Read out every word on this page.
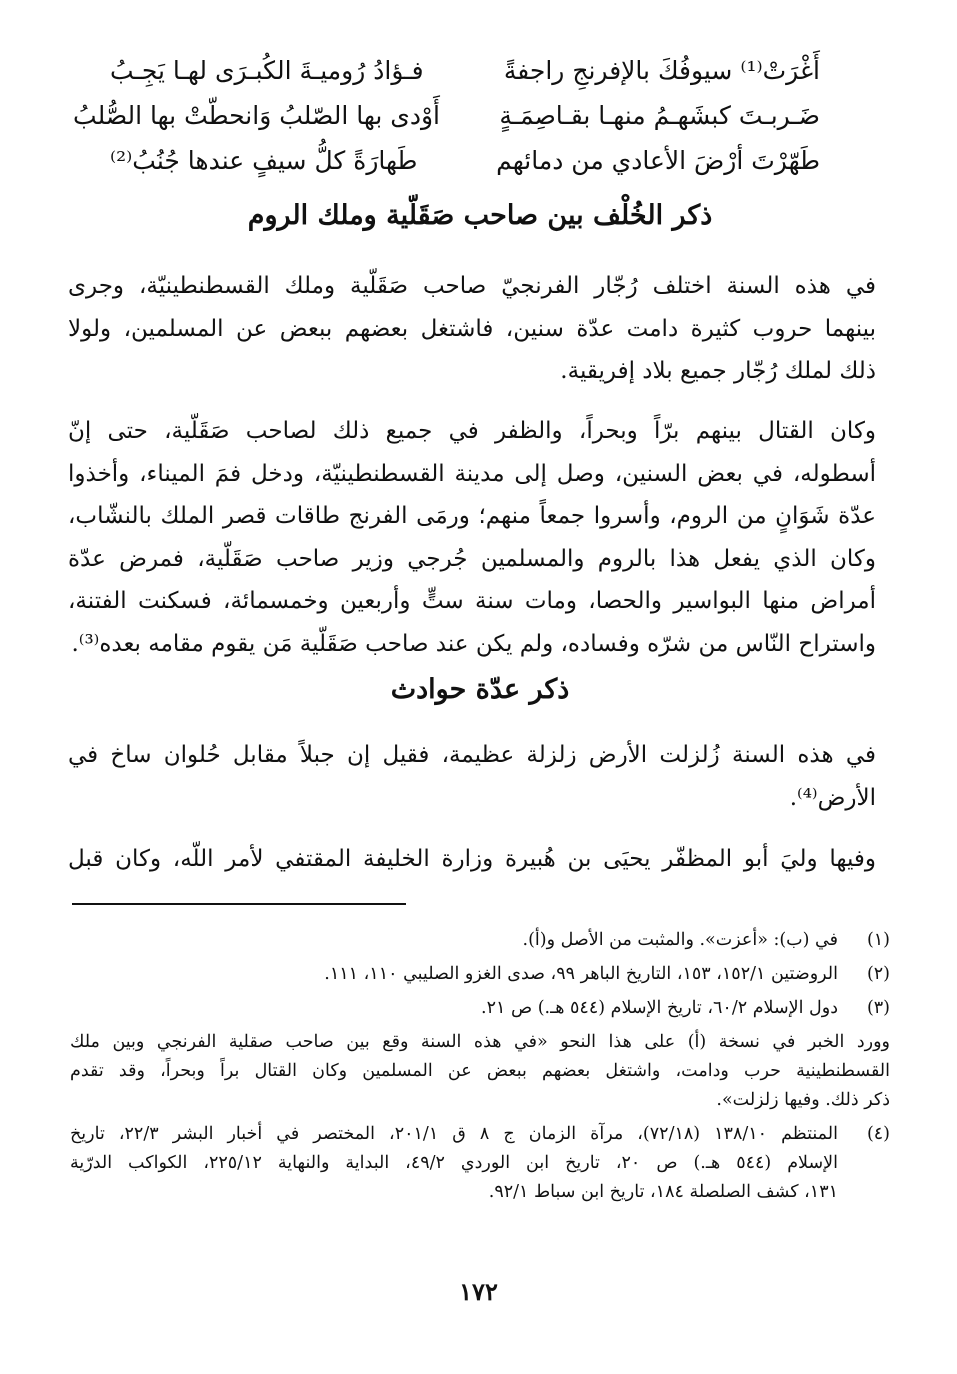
أَغْرَتْ⁽¹⁾ سيوفُكَ بالإفرنجِ راجفةً
فـؤادُ رُوميـةَ الكُبـرَى لهـا يَجِـبُ
ضَـربـتَ كبشَهـمُ منهـا بقـاصِمَـةٍ
أَوْدى بها الصّلبُ وَانحطّتْ بها الصُّلبُ
طَهّرْتَ أرْضَ الأعادي من دمائهم
طَهارَةً كلُّ سيفٍ عندها جُنُبُ⁽²⁾
ذكر الخُلْف بين صاحب صَقَلّية وملك الروم
في هذه السنة اختلف رُجّار الفرنجيّ صاحب صَقَلّية وملك القسطنطينيّة، وجرى
بينهما حروب كثيرة دامت عدّة سنين، فاشتغل بعضهم ببعض عن المسلمين، ولولا
ذلك لملك رُجّار جميع بلاد إفريقية.
وكان القتال بينهم برّاً وبحراً، والظفر في جميع ذلك لصاحب صَقَلّية، حتى إنّ
أسطوله، في بعض السنين، وصل إلى مدينة القسطنطينيّة، ودخل فمَ الميناء، وأخذوا
عدّة شَوَانٍ من الروم، وأسروا جمعاً منهم؛ ورمَى الفرنج طاقات قصر الملك بالنشّاب،
وكان الذي يفعل هذا بالروم والمسلمين جُرجي وزير صاحب صَقَلّية، فمرض عدّة
أمراض منها البواسير والحصا، ومات سنة ستٍّ وأربعين وخمسمائة، فسكنت الفتنة،
واستراح النّاس من شرّه وفساده، ولم يكن عند صاحب صَقَلّية مَن يقوم مقامه بعده⁽³⁾.
ذكر عدّة حوادث
في هذه السنة زُلزلت الأرض زلزلة عظيمة، فقيل إن جبلاً مقابل حُلوان ساخ في
الأرض⁽⁴⁾.
وفيها وليَ أبو المظفّر يحيَى بن هُبيرة وزارة الخليفة المقتفي لأمر اللّه، وكان قبل
(١)
في (ب): «أعزت». والمثبت من الأصل و(أ).
(٢)
الروضتين ١٥٢/١، ١٥٣، التاريخ الباهر ٩٩، صدى الغزو الصليبي ١١٠، ١١١.
(٣)
دول الإسلام ٦٠/٢، تاريخ الإسلام (٥٤٤ هـ.) ص ٢١.
وورد الخبر في نسخة (أ) على هذا النحو «في هذه السنة وقع بين صاحب صقلية الفرنجي وبين ملك
القسطنطينية حرب ودامت، واشتغل بعضهم ببعض عن المسلمين وكان القتال براً وبحراً، وقد تقدم
ذكر ذلك. وفيها زلزلت».
(٤)
المنتظم ١٣٨/١٠ (٧٢/١٨)، مرآة الزمان ج ٨ ق ٢٠١/١، المختصر في أخبار البشر ٢٢/٣، تاريخ
الإسلام (٥٤٤ هـ.) ص ٢٠، تاريخ ابن الوردي ٤٩/٢، البداية والنهاية ٢٢٥/١٢، الكواكب الدرّية
١٣١، كشف الصلصلة ١٨٤، تاريخ ابن سباط ٩٢/١.
١٧٢
